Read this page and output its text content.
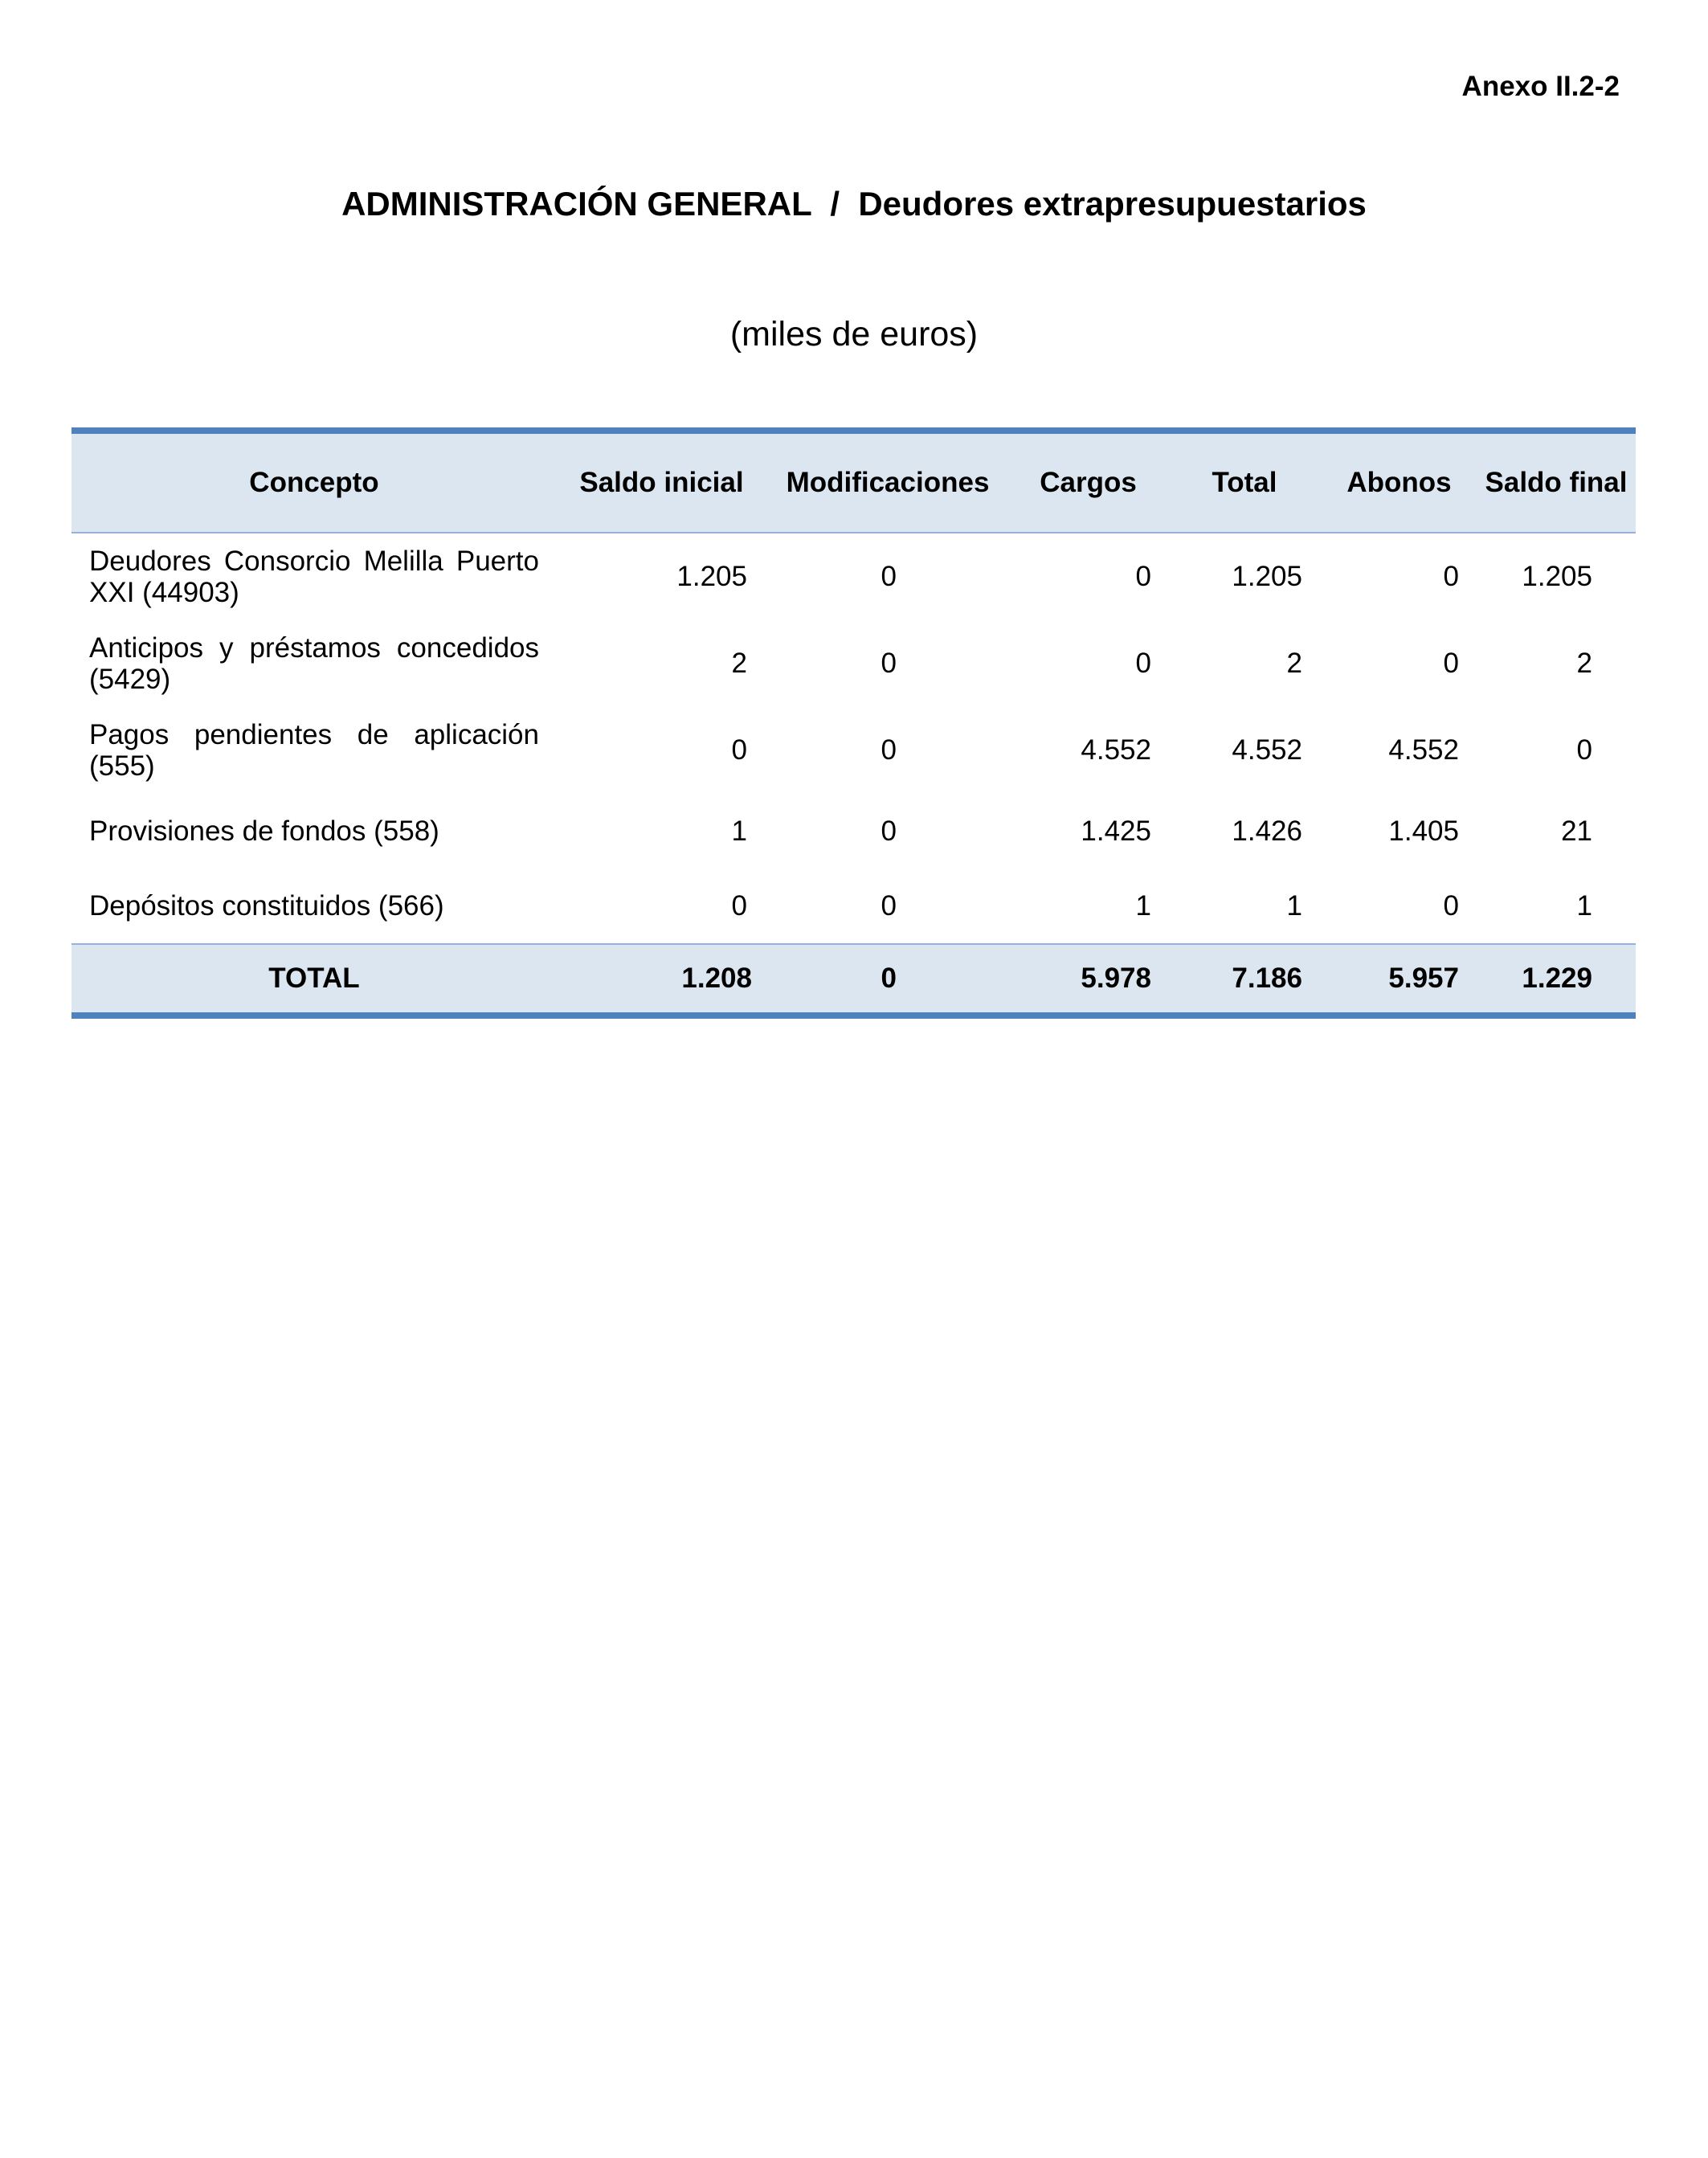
Anexo II.2-2
ADMINISTRACIÓN GENERAL  /  Deudores extrapresupuestarios
(miles de euros)
Concepto	Saldo inicial	Modificaciones	Cargos	Total	Abonos	Saldo final
Deudores Consorcio Melilla Puerto XXI (44903)	1.205	0	0	1.205	0	1.205
Anticipos y préstamos concedidos (5429)	2	0	0	2	0	2
Pagos pendientes de aplicación (555)	0	0	4.552	4.552	4.552	0
Provisiones de fondos (558)	1	0	1.425	1.426	1.405	21
Depósitos constituidos (566)	0	0	1	1	0	1
TOTAL	1.208	0	5.978	7.186	5.957	1.229
